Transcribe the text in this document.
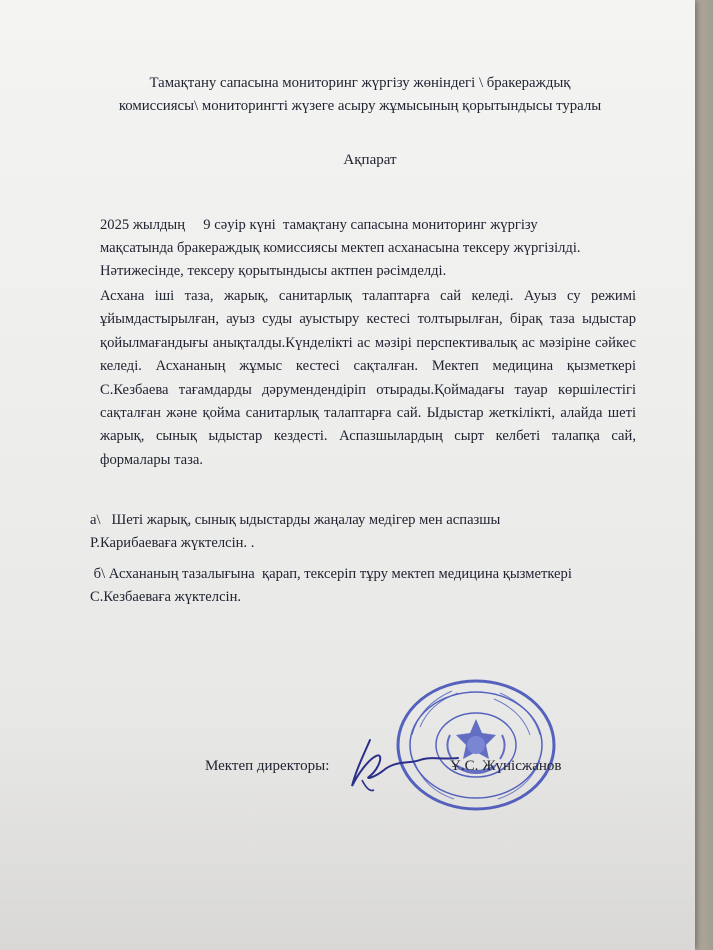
Тамақтану сапасына мониторинг жүргізу жөніндегі \ бракераждық
комиссиясы\ мониторингті жүзеге асыру жұмысының қорытындысы туралы
Ақпарат
2025 жылдың     9 сәуір күні  тамақтану сапасына мониторинг жүргізу
мақсатында бракераждық комиссиясы мектеп асханасына тексеру жүргізілді.
Нәтижесінде, тексеру қорытындысы актпен рәсімделді.
Асхана іші таза, жарық, санитарлық талаптарға сай келеді. Ауыз су режимі ұйымдастырылған, ауыз суды ауыстыру кестесі толтырылған, бірақ таза ыдыстар қойылмағандығы анықталды.Күнделікті ас мәзірі перспективалық ас мәзіріне сәйкес келеді. Асхананың жұмыс кестесі сақталған. Мектеп медицина қызметкері С.Кезбаева тағамдарды дәрумендендіріп отырады.Қоймадағы тауар көршілестігі сақталған және қойма санитарлық талаптарға сай. Ыдыстар жеткілікті, алайда шеті жарық, сынық ыдыстар кездесті. Аспазшылардың сырт келбеті талапқа сай, формалары таза.
а\   Шеті жарық, сынық ыдыстарды жаңалау медігер мен аспазшы
Р.Карибаеваға жүктелсін. .
б\ Асхананың тазалығына  қарап, тексеріп тұру мектеп медицина қызметкері
С.Кезбаеваға жүктелсін.
Мектеп директоры:	Ұ.С. Жүнісжанов
